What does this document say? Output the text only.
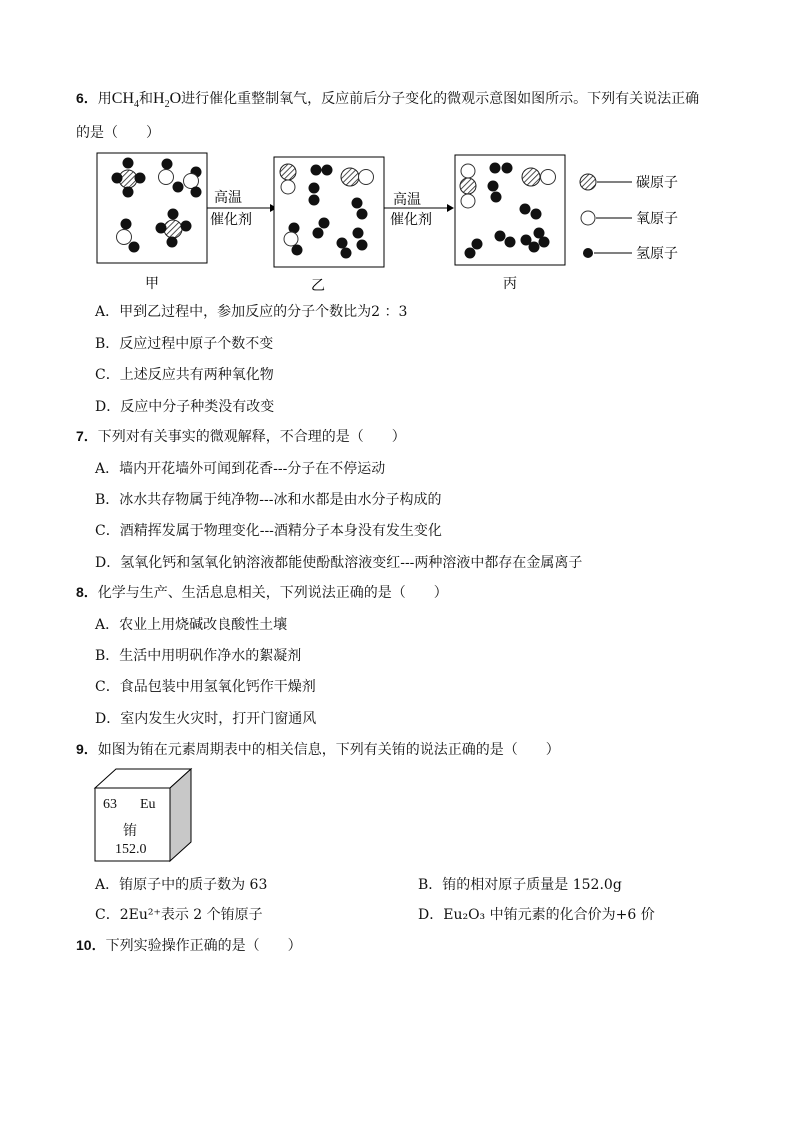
6．用$CH_4$和$H_2O$进行催化重整制氧气，反应前后分子变化的微观示意图如图所示。下列有关说法正确
的是（　　）
高温
催化剂
高温
催化剂
碳原子
氧原子
氢原子
甲	乙	丙
A．甲到乙过程中，参加反应的分子个数比为2 ：3
B．反应过程中原子个数不变
C．上述反应共有两种氧化物
D．反应中分子种类没有改变
7．下列对有关事实的微观解释，不合理的是（　　）
A．墙内开花墙外可闻到花香---分子在不停运动
B．冰水共存物属于纯净物---冰和水都是由水分子构成的
C．酒精挥发属于物理变化---酒精分子本身没有发生变化
D．氢氧化钙和氢氧化钠溶液都能使酚酞溶液变红---两种溶液中都存在金属离子
8．化学与生产、生活息息相关，下列说法正确的是（　　）
A．农业上用烧碱改良酸性土壤
B．生活中用明矾作净水的絮凝剂
C．食品包装中用氢氧化钙作干燥剂
D．室内发生火灾时，打开门窗通风
9．如图为铕在元素周期表中的相关信息，下列有关铕的说法正确的是（　　）
63 Eu
铕
152.0
A．铕原子中的质子数为 63	B．铕的相对原子质量是 152.0g
C．2Eu²⁺表示 2 个铕原子	D．Eu₂O₃ 中铕元素的化合价为+6 价
10．下列实验操作正确的是（　　）
